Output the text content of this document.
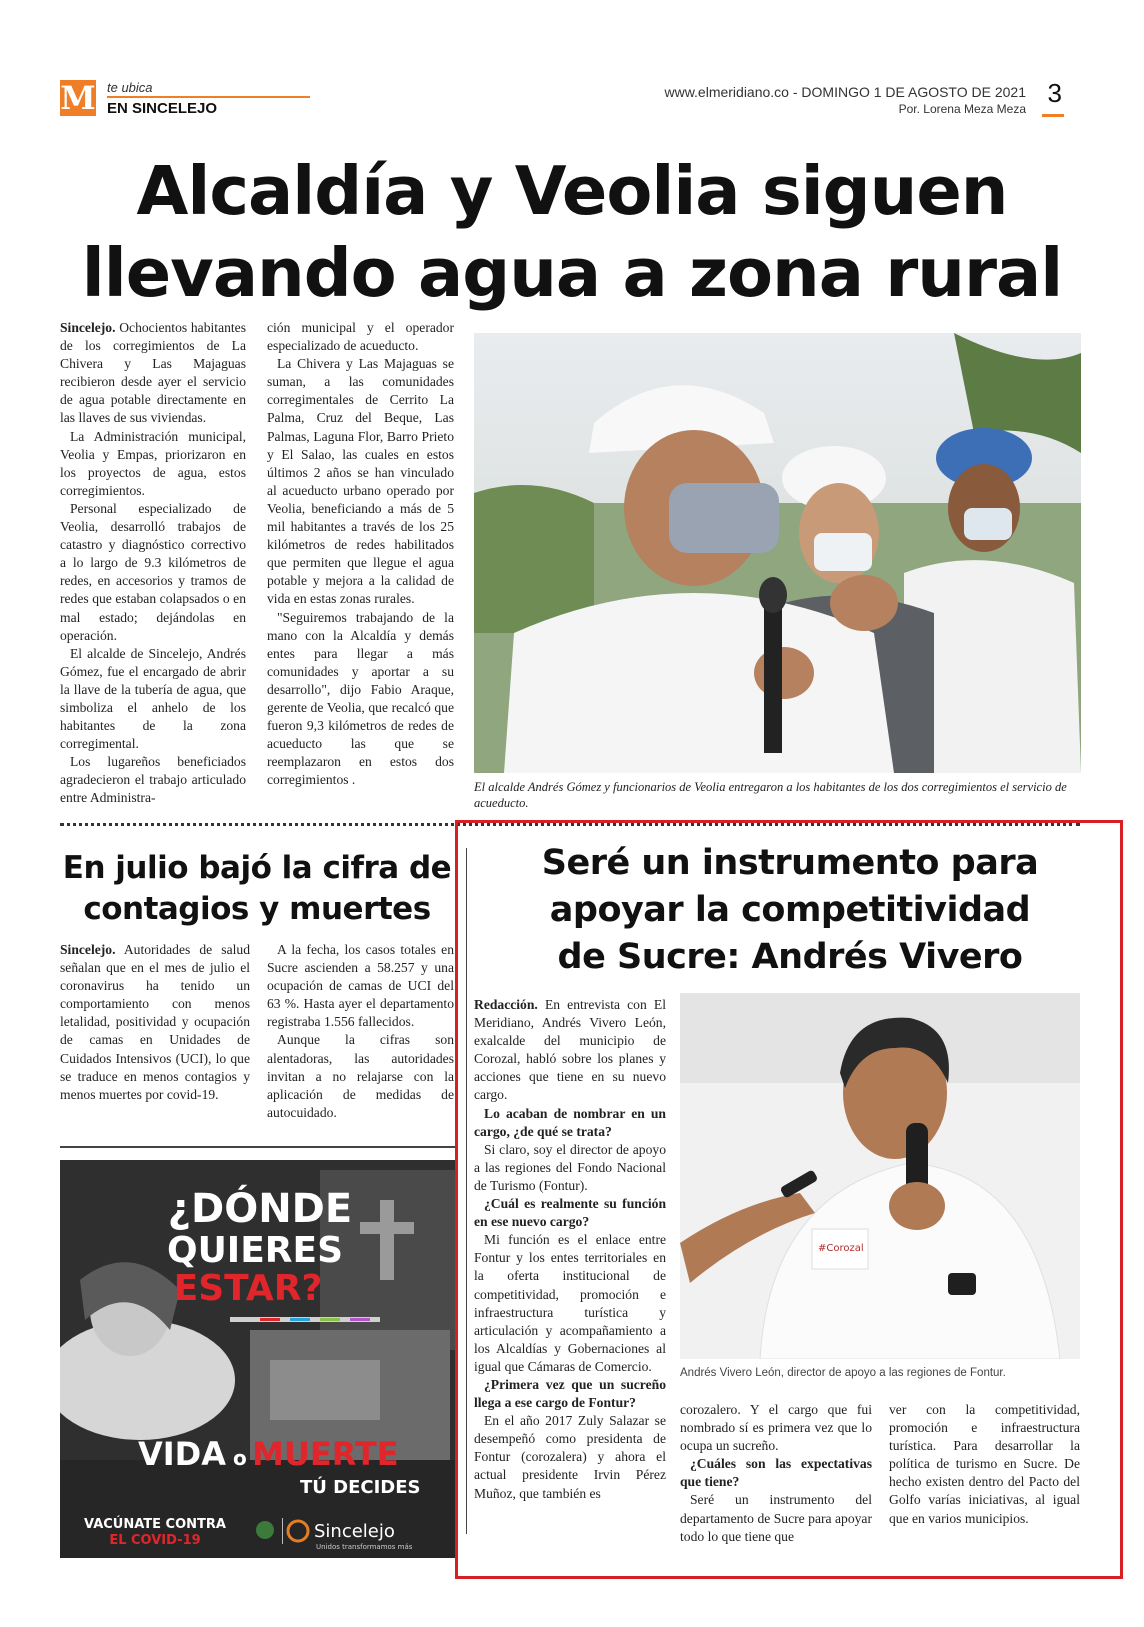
M te ubica
EN SINCELEJO
www.elmeridiano.co - DOMINGO 1 DE AGOSTO DE 2021
Por. Lorena Meza Meza
3
Alcaldía y Veolia siguen
llevando agua a zona rural

Sincelejo. Ochocientos habitantes de los corregimientos de La Chivera y Las Majaguas recibieron desde ayer el servicio de agua potable directamente en las llaves de sus viviendas.

La Administración municipal, Veolia y Empas, priorizaron en los proyectos de agua, estos corregimientos.

Personal especializado de Veolia, desarrolló trabajos de catastro y diagnóstico correctivo a lo largo de 9.3 kilómetros de redes, en accesorios y tramos de redes que estaban colapsados o en mal estado; dejándolas en operación.

El alcalde de Sincelejo, Andrés Gómez, fue el encargado de abrir la llave de la tubería de agua, que simboliza el anhelo de los habitantes de la zona corregimental.

Los lugareños beneficiados agradecieron el trabajo articulado entre Administra-

ción municipal y el operador especializado de acueducto.

La Chivera y Las Majaguas se suman, a las comunidades corregimentales de Cerrito La Palma, Cruz del Beque, Las Palmas, Laguna Flor, Barro Prieto y El Salao, las cuales en estos últimos 2 años se han vinculado al acueducto urbano operado por Veolia, beneficiando a más de 5 mil habitantes a través de los 25 kilómetros de redes habilitados que permiten que llegue el agua potable y mejora a la calidad de vida en estas zonas rurales.

"Seguiremos trabajando de la mano con la Alcaldía y demás entes para llegar a más comunidades y aportar a su desarrollo", dijo Fabio Araque, gerente de Veolia, que recalcó que fueron 9,3 kilómetros de redes de acueducto las que se reemplazaron en estos dos corregimientos .	El alcalde Andrés Gómez y funcionarios de Veolia entregaron a los habitantes de los dos corregimientos el servicio de acueducto.
En julio bajó la cifra de
contagios y muertes

Sincelejo. Autoridades de salud señalan que en el mes de julio el coronavirus ha tenido un comportamiento con menos letalidad, positividad y ocupación de camas en Unidades de Cuidados Intensivos (UCI), lo que se traduce en menos contagios y menos muertes por covid-19.

A la fecha, los casos totales en Sucre ascienden a 58.257 y una ocupación de camas de UCI del 63 %. Hasta ayer el departamento registraba 1.556 fallecidos.

Aunque la cifras son alentadoras, las autoridades invitan a no relajarse con la aplicación de medidas de autocuidado.

¿DÓNDE
QUIERES
ESTAR?
VIDA o MUERTE
TÚ DECIDES
VACÚNATE CONTRA
EL COVID-19	Sincelejo
Unidos transformamos más
Seré un instrumento para
apoyar la competitividad
de Sucre: Andrés Vivero

Redacción. En entrevista con El Meridiano, Andrés Vivero León, exalcalde del municipio de Corozal, habló sobre los planes y acciones que tiene en su nuevo cargo.

Lo acaban de nombrar en un cargo, ¿de qué se trata?

Si claro, soy el director de apoyo a las regiones del Fondo Nacional de Turismo (Fontur).

¿Cuál es realmente su función en ese nuevo cargo?

Mi función es el enlace entre Fontur y los entes territoriales en la oferta institucional de competitividad, promoción e infraestructura turística y articulación y acompañamiento a los Alcaldías y Gobernaciones al igual que Cámaras de Comercio.

¿Primera vez que un sucreño llega a ese cargo de Fontur?

En el año 2017 Zuly Salazar se desempeñó como presidenta de Fontur (corozalera) y ahora el actual presidente Irvin Pérez Muñoz, que también es

#Corozal
Andrés Vivero León, director de apoyo a las regiones de Fontur.

corozalero. Y el cargo que fui nombrado sí es primera vez que lo ocupa un sucreño.

¿Cuáles son las expectativas que tiene?

Seré un instrumento del departamento de Sucre para apoyar todo lo que tiene que

ver con la competitividad, promoción e infraestructura turística. Para desarrollar la política de turismo en Sucre. De hecho existen dentro del Pacto del Golfo varías iniciativas, al igual que en varios municipios.
